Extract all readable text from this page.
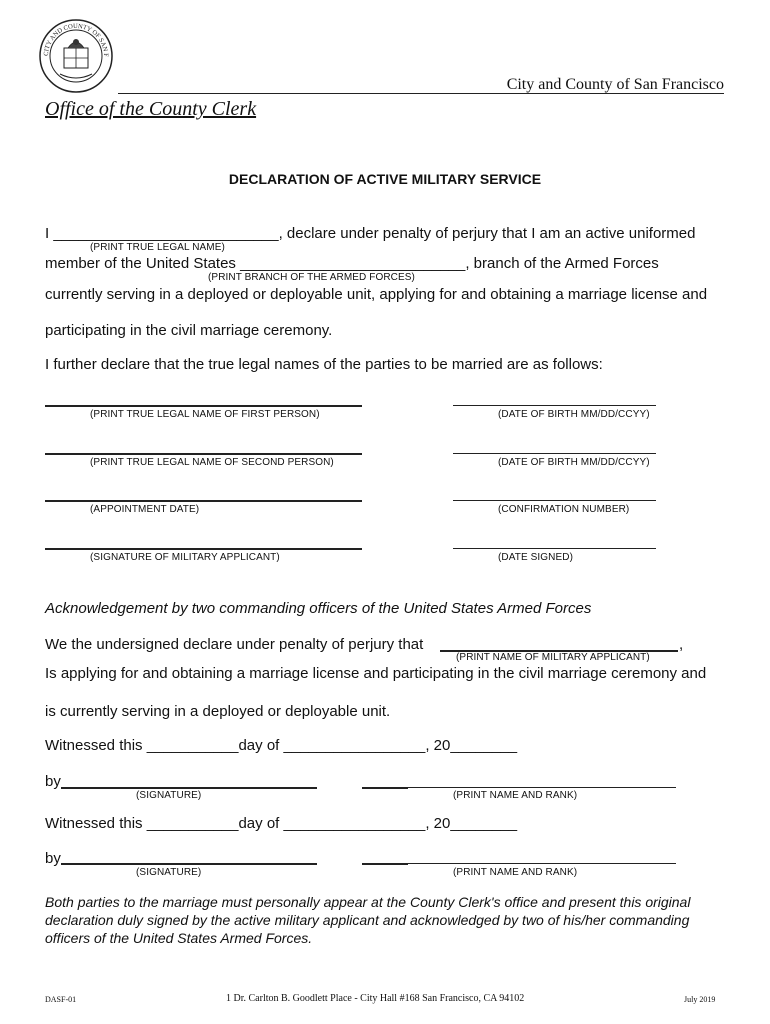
CITY AND COUNTY OF SAN F
City and County of San Francisco
Office of the County Clerk
DECLARATION OF ACTIVE MILITARY SERVICE
I ___________________________, declare under penalty of perjury that I am an active uniformed
(PRINT TRUE LEGAL NAME)
member of the United States ___________________________, branch of the Armed Forces
(PRINT BRANCH OF THE ARMED FORCES)
currently serving in a deployed or deployable unit, applying for and obtaining a marriage license and
participating in the civil marriage ceremony.
I further declare that the true legal names of the parties to be married are as follows:
(PRINT TRUE LEGAL NAME OF FIRST PERSON)	(DATE OF BIRTH MM/DD/CCYY)
(PRINT TRUE LEGAL NAME OF SECOND PERSON)	(DATE OF BIRTH MM/DD/CCYY)
(APPOINTMENT DATE)	(CONFIRMATION NUMBER)
(SIGNATURE OF MILITARY APPLICANT)	(DATE SIGNED)
Acknowledgement by two commanding officers of the United States Armed Forces
We the undersigned declare under penalty of perjury that	,
(PRINT NAME OF MILITARY APPLICANT)
Is applying for and obtaining a marriage license and participating in the civil marriage ceremony and
is currently serving in a deployed or deployable unit.
Witnessed this ___________day of _________________, 20________
by
(SIGNATURE)	(PRINT NAME AND RANK)
Witnessed this ___________day of _________________, 20________
by
(SIGNATURE)	(PRINT NAME AND RANK)
Both parties to the marriage must personally appear at the County Clerk's office and present this original declaration duly signed by the active military applicant and acknowledged by two of his/her commanding officers of the United States Armed Forces.
DASF-01	1 Dr. Carlton B. Goodlett Place - City Hall #168 San Francisco, CA 94102	July 2019
